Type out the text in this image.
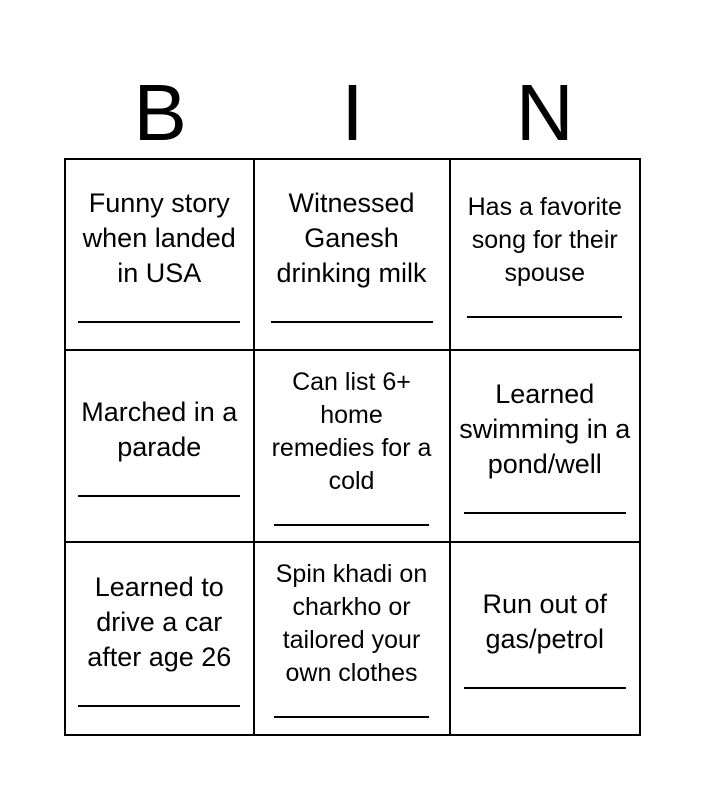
B	I	N
Funny story when landed in USA
Witnessed Ganesh drinking milk
Has a favorite song for their spouse
Marched in a parade
Can list 6+ home remedies for a cold
Learned swimming in a pond/well
Learned to drive a car after age 26
Spin khadi on charkho or tailored your own clothes
Run out of gas/petrol
